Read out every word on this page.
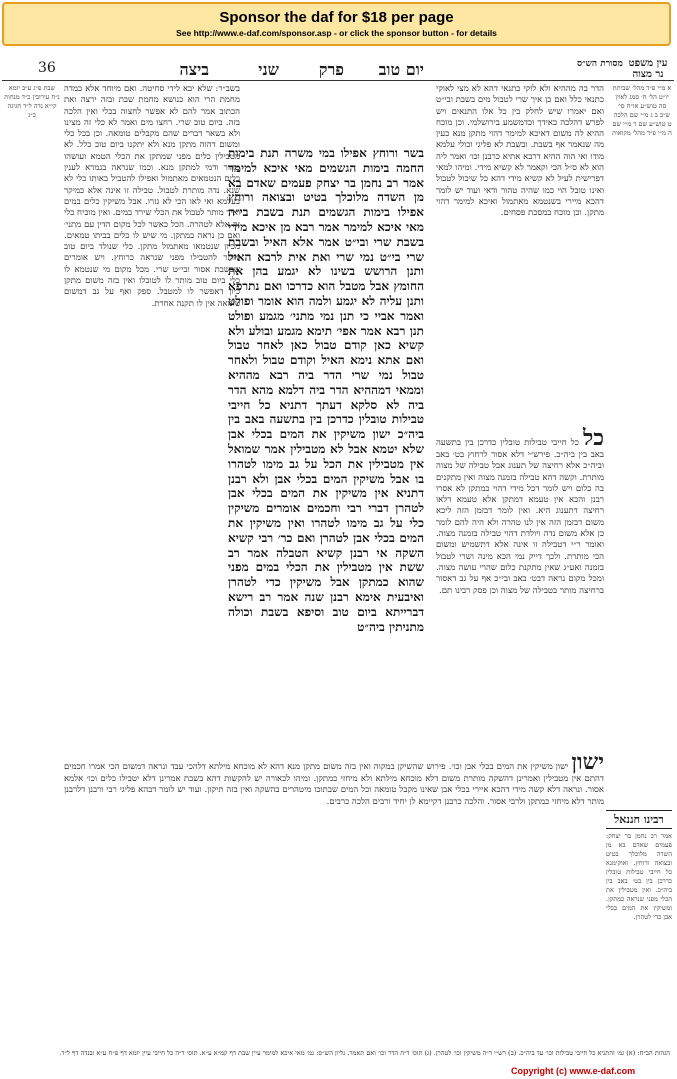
Sponsor the daf for $18 per page
See http://www.e-daf.com/sponsor.asp - or click the sponsor button - for details
עין משפט נר מצוה
יום טוב
פרק
שני
ביצה	מסורת הש״ס
36
א מ״י פ״ד מהל׳ שביתת יו״ט הל׳ ח׳ סמג לאוין סה טוש״ע או״ח סי׳ ש״ב ב ג מ״י שם הלכה ט טוש״ע שם ד מ״י שם ה מ״י פ״ד מהל׳ מקואות
שבת פ״ג ע״ב יומא נ״ח עירובין כ״ד מנחות קי״א נדה ל״ד חגיגה כ״ג
הדר בה מההיא ולא לוקי כתנאי דהא לא מצי לאוקי כתנאי כלל ואם כן איך שרי לטבול מים בשבת ובי״ט ואם יאמרו שיש לחלק בין כל אלו התנאים ויש לפרש דהלכה כאידך וכדמשמע בירושלמי. וכן מוכח ההיא לה משום דאיכא למימר דהוי מתקן מנא כעין מה שנאמר אף בשבת. ובשבת לא פליגי וכולי עלמא מודו ואי הוה ההיא דרבא אתיא כרבנן וכו׳ ואמר ליה הוא לא ס״ל הכי וקאמר לא קשיא מידי. ומיהו למאי דפרישית לעיל לא קשיא מידי דהא כל שיכול לטבול ואינו טובל הוי כמו שהיה טהור ודאי ועוד יש לומר דהכא מיירי בשנטמא מאתמול ואיכא למימר דהוי מתקן. וכן מוכח במסכת פסחים.
כל כל חייבי טבילות טובלין כדרכן בין בתשעה באב בין ביה״כ. פירש״י דלא אסור לרחוץ בט׳ באב וביה״כ אלא רחיצה של תענוג אבל טבילה של מצוה מותרת. וקשה דהא טבילה בזמנה מצוה ואין מתקנים בה כלום ויש לומר דכל מידי דהוי כמתקן לא אסרו רבנן והכא אין טעמא דמתקן אלא טעמא דלאו רחיצה דתענוג היא. ואין לומר דבזמן הזה ליכא משום דבזמן הזה אין לנו טהרה ולא היה להם לומר כן אלא משום נדה ויולדת דהוי טבילה בזמנה מצוה. ואומר ר״י דטבילה זו אינה אלא דתשמיש ומשום הכי מותרת. ולכך דייק נמי הכא מינה ושרי לטבול בזמנה ואע״ג שאין מתקנת כלום שהרי עושה מצוה. ומכל מקום נראה דבט׳ באב ובי״כ אף על גב דאסור ברחיצה מותר בטבילה של מצוה וכן פסק רבינו תם.
בשר ורוחץ אפילו במי משרה תנת בימות החמה בימות הגשמים מאי איכא למימר אמר רב נחמן בר יצחק פעמים שאדם בא מן השדה מלוכלך בטיט ובצואה ורוחץ אפילו בימות הגשמים תנת בשבת בי״ה מאי איכא למימר אמר רבא מן איכא מידי בשבת שרי ובי״ט אמר אלא האיל ובשבת שרי בי״ט נמי שרי ואת אית לרבא האיל ותנן הרושש בשינו לא יגמע בהן את החומץ אבל מטבל הוא כדרכו ואם נתרפא ותנן עליה לא יגמע ולמה הוא אומר ופולט ואמר אביי כי תנן נמי מתני׳ מגמע ופולט תנן רבא אמר אפי׳ תימא מגמע ובולע ולא קשיא כאן קודם טבול כאן לאחר טבול ואם אתא נימא האיל וקודם טבול ולאחר טבול נמי שרי הדר ביה רבא מההיא וממאי דמההיא הדר ביה דלמא מהא הדר ביה לא סלקא דעתך דתניא כל חייבי טבילות טובלין כדרכן בין בתשעה באב בין ביה״כ ישון משיקין את המים בכלי אבן שלא יטמא אבל לא מטבילין אמר שמואל אין מטבילין את הכל על גב מימו לטהרו בו אבל משיקין המים בכלי אבן ולא רבנן דתניא אין משיקין את המים בכלי אבן לטהרן דברי רבי וחכמים אומרים משיקין כלי על גב מימו לטהרו ואין משיקין את המים בכלי אבן לטהרן ואם כר׳ רבי קשיא השקה אי רבנן קשיא הטבלה אמר רב ששת אין מטבילין את הכלי במים מפני שהוא כמתקן אבל משיקין כדי לטהרן ואיבעית אימא רבנן שנה אמר רב רישא דברייתא ביום טוב וסיפא בשבת וכולה מתניתין ביה״ט
בשב״ר: שלא יבא לידי סחיטה. ואם מיוחד אלא כמדה מחמת הרי הוא כנושא מחמת שבת ובזה ירצה ואת הכתוב אמר להם לא אפשר לחצוה בכלי ואין הלכה בזה. ביום טוב שרי. רחצו מים ואמר לא כלי זה מצינו ולא בשאר דברים שהם מקבלים טומאה. וכן בכל כלי ומשום דהוה מתקן מנא ולא יתקנו ביום טוב כלל. לא מטבילין כלים מפני שמתקן את הכלי הטמא ועושהו טהור ודמי למתקן מנא. וכמו שנראה בגמרא לענין כלים הנטמאים מאתמול ואפילו להטביל באותו כלי לא שנא. נדה מותרת לטבול. טבילה זו אינה אלא כמיקר בעלמא ואי לאו הכי לא גזרו. אבל משיקין כלים במים ואיך מותר לטבול את הכלי שירד במים. ואין מוכיח כלי זה אלא לטהרה. הכל כאשר לכל מקום הדין עם מתני׳ ואם כן נראה כמתקן. מי שיש לו כלים בביתו טמאים. מכיון שנטמאו מאתמול מתקן. כלי שנולד ביום טוב מותר להטבילו מפני שנראה כרוחץ. ויש אומרים שבשבת אסור ובי״ט שרי. מכל מקום מי שנטמא לו כלי ביום טוב מותר לו לטובלו ואין בזה משום מתקן כיון דאפשר לו למטבל. ספק ואף על גב דמשום טומאה אין לו תקנה אחרת.
ישון ישון משיקין את המים בכלי אבן וכו׳. פירוש שהשיקן במקוה ואין בזה משום מתקן מנא דהא לא מוכחא מילתא דלהכי עבד ונראה דמשום הכי אמרו חכמים דהתם אין מטבילין ואמרינן דהשקה מותרת משום דלא מוכחא מילתא ולא מיחזי כמתקן. ומיהו לכאורה יש להקשות דהא בשבת אמרינן דלא יטבילו כלים וכו׳ אלמא אסור. ונראה דלא קשה מידי דהכא איירי בכלי אבן שאינו מקבל טומאה וכל המים שבתוכו מיטהרים בהשקה ואין בזה תיקון. ועוד יש לומר דבהא פליגי רבי ורבנן דלרבנן מותר דלא מיחזי כמתקן ולרבי אסור. והלכה כרבנן דקיימא לן יחיד ורבים הלכה כרבים.
רבינו חננאל
אמר רב נחמן בר יצחק: פעמים שאדם בא מן השדה מלוכלך בטיט ובצואה ורוחץ. ואוקימנא כל חייבי טבילות טובלין כדרכן בין בט׳ באב בין ביה״כ. ואין מטבילין את הכלי מפני שנראה כמתקן. ומשיקין את המים בכלי אבן כדי לטהרן.
הגהות הב״ח: (א) גמ׳ והתניא כל חייבי טבילות וכו׳ עד ביה״כ. (ב) רש״י ד״ה משיקין וכו׳ לטהרן. (ג) תוס׳ ד״ה הדר וכו׳ ואם תאמר. גליון הש״ס: גמ׳ מאי איכא למימר עיין שבת דף קמ״א ע״א. תוס׳ ד״ה כל חייבי עיין יומא דף פ״ח ע״א ובנדה דף ל״ד.
Copyright (c) www.e-daf.com
